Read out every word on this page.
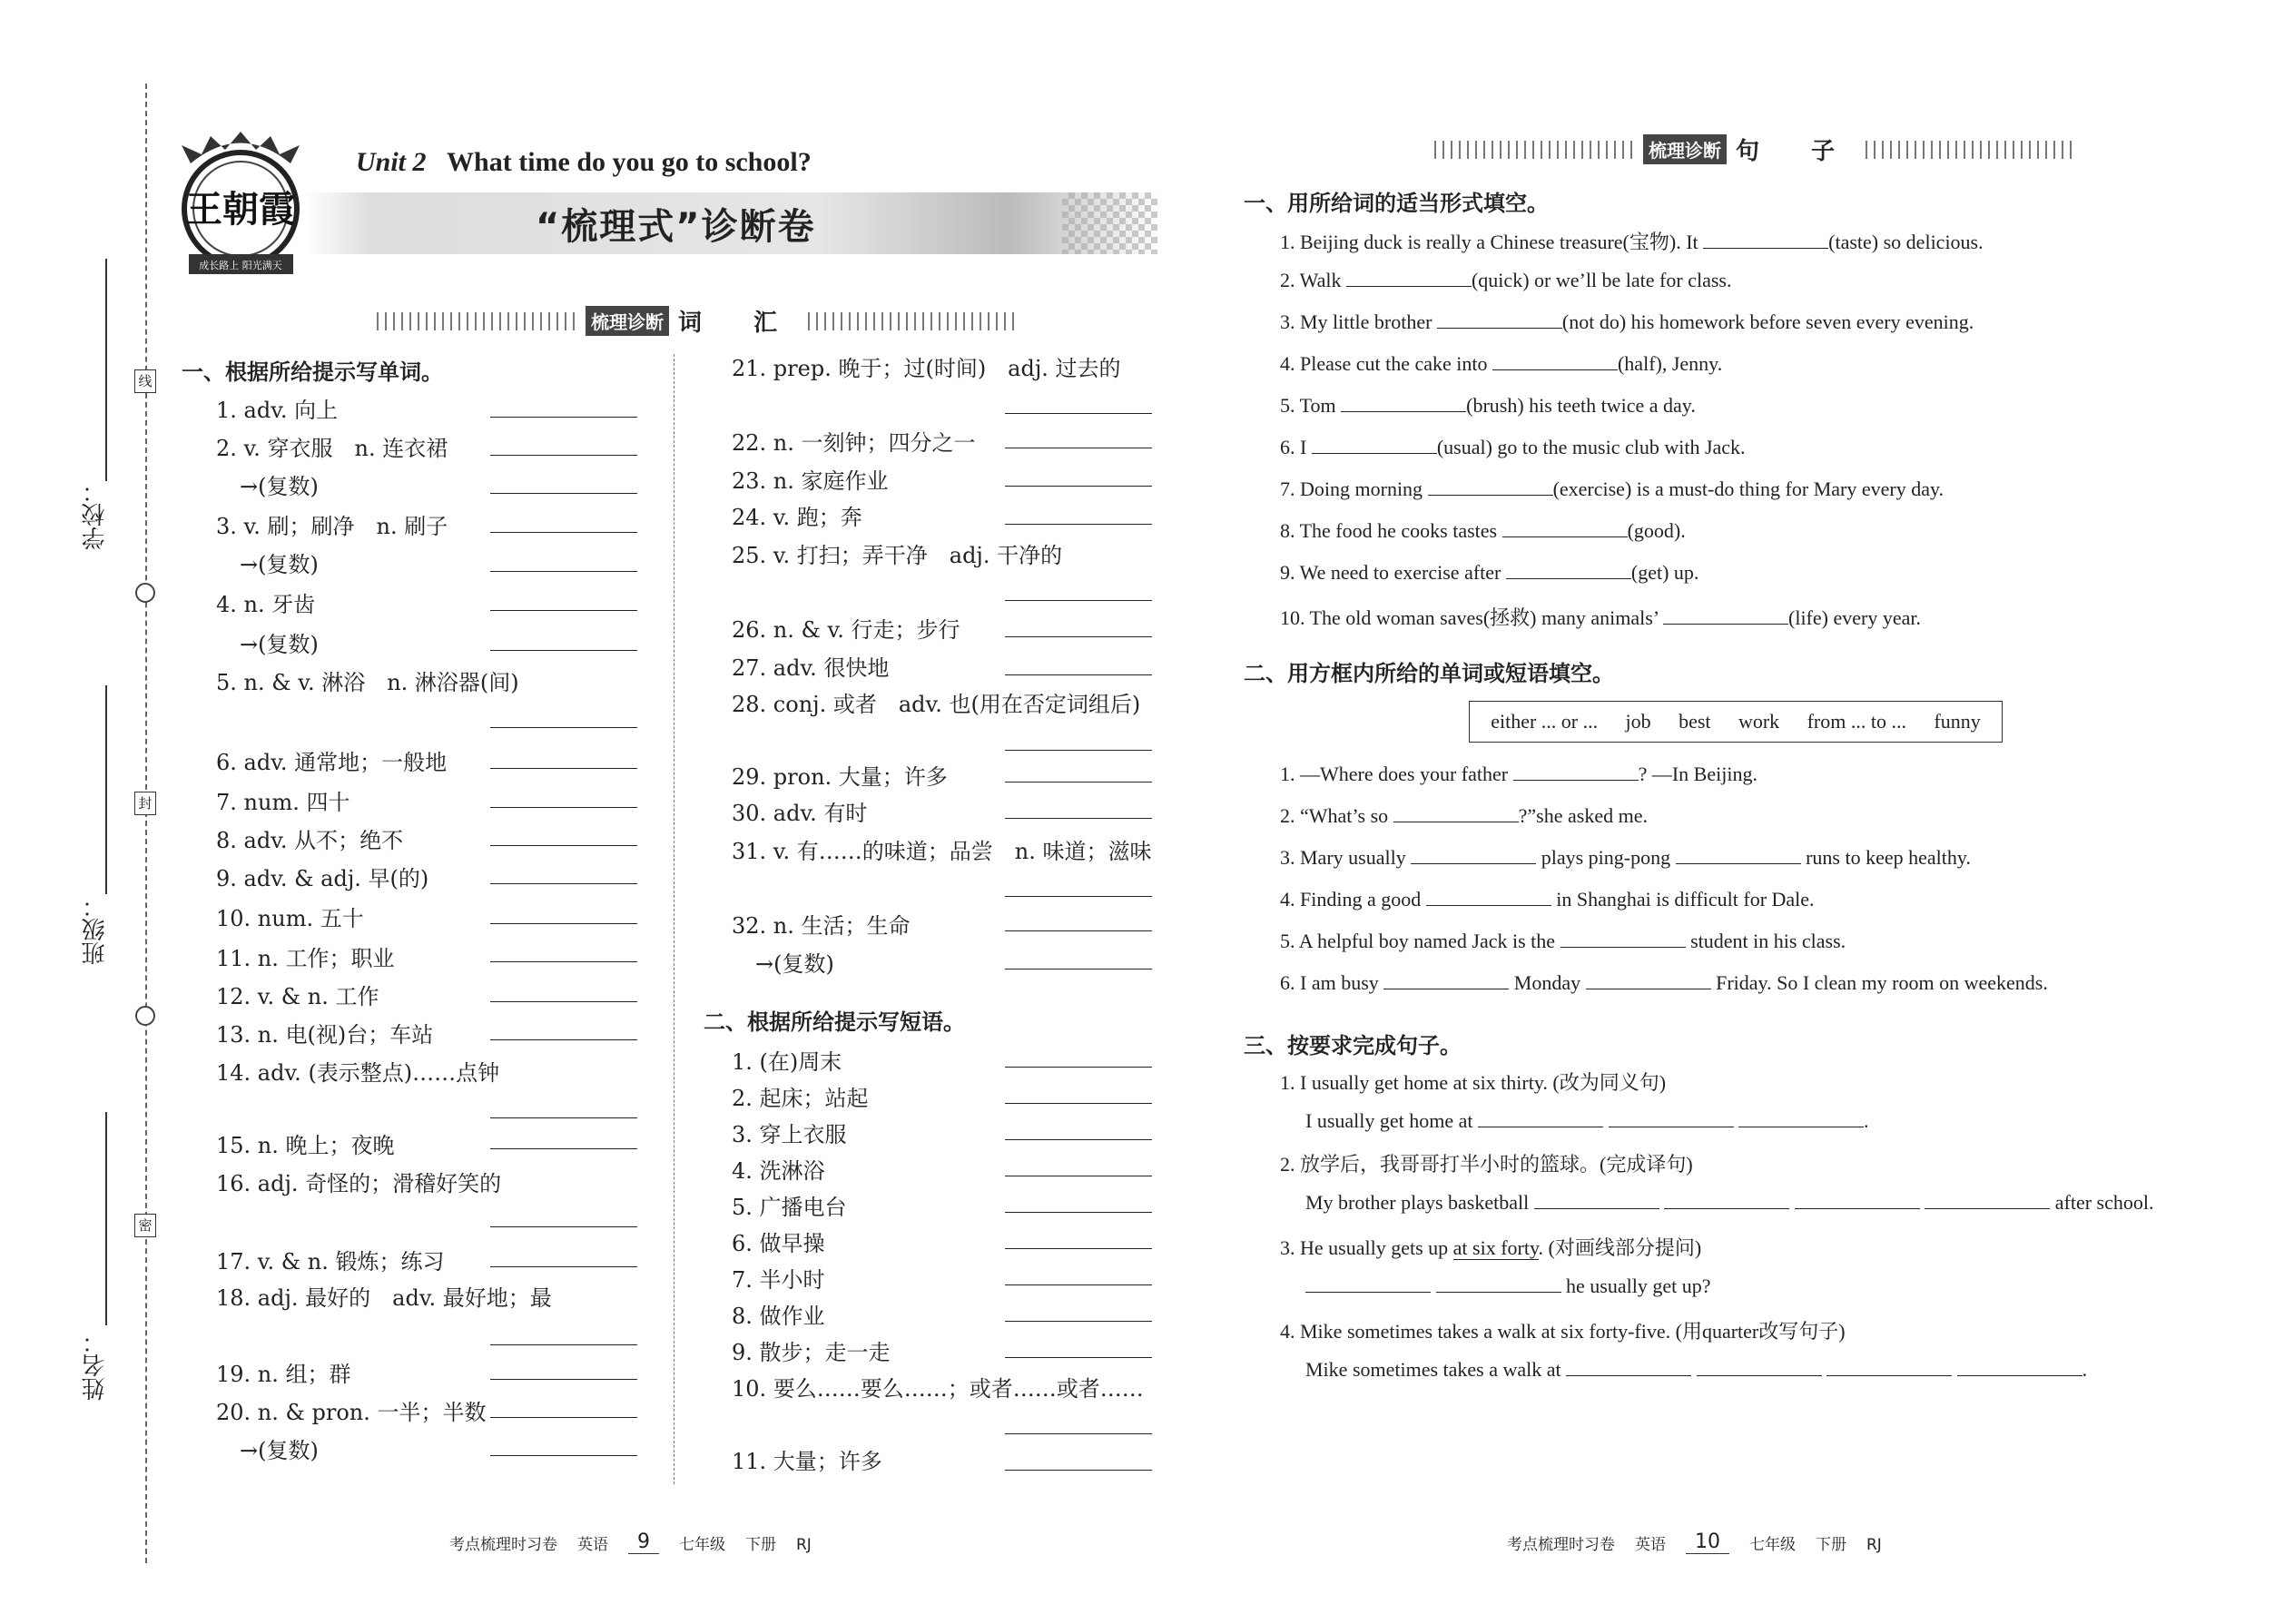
线
封
密
学校：
班级：
姓名：
王朝霞
成长路上 阳光满天
Unit 2 What time do you go to school?
“梳理式”诊断卷
梳理诊断 词 汇
一、根据所给提示写单词。
1. adv. 向上
2. v. 穿衣服　n. 连衣裙
→(复数)
3. v. 刷；刷净　n. 刷子
→(复数)
4. n. 牙齿
→(复数)
5. n. & v. 淋浴　n. 淋浴器(间)
6. adv. 通常地；一般地
7. num. 四十
8. adv. 从不；绝不
9. adv. & adj. 早(的)
10. num. 五十
11. n. 工作；职业
12. v. & n. 工作
13. n. 电(视)台；车站
14. adv. (表示整点)……点钟
15. n. 晚上；夜晚
16. adj. 奇怪的；滑稽好笑的
17. v. & n. 锻炼；练习
18. adj. 最好的　adv. 最好地；最
19. n. 组；群
20. n. & pron. 一半；半数
→(复数)
21. prep. 晚于；过(时间)　adj. 过去的
22. n. 一刻钟；四分之一
23. n. 家庭作业
24. v. 跑；奔
25. v. 打扫；弄干净　adj. 干净的
26. n. & v. 行走；步行
27. adv. 很快地
28. conj. 或者　adv. 也(用在否定词组后)
29. pron. 大量；许多
30. adv. 有时
31. v. 有……的味道；品尝　n. 味道；滋味
32. n. 生活；生命
→(复数)
二、根据所给提示写短语。
1. (在)周末
2. 起床；站起
3. 穿上衣服
4. 洗淋浴
5. 广播电台
6. 做早操
7. 半小时
8. 做作业
9. 散步；走一走
10. 要么……要么……；或者……或者……
11. 大量；许多
梳理诊断 句 子
一、用所给词的适当形式填空。
1. Beijing duck is really a Chinese treasure(宝物). It	(taste) so delicious.
2. Walk	(quick) or we’ll be late for class.
3. My little brother	(not do) his homework before seven every evening.
4. Please cut the cake into	(half), Jenny.
5. Tom	(brush) his teeth twice a day.
6. I	(usual) go to the music club with Jack.
7. Doing morning	(exercise) is a must-do thing for Mary every day.
8. The food he cooks tastes	(good).
9. We need to exercise after	(get) up.
10. The old woman saves(拯救) many animals’	(life) every year.
二、用方框内所给的单词或短语填空。
either ... or ... job best work from ... to ... funny
1. —Where does your father	? —In Beijing.
2. “What’s so	?”she asked me.
3. Mary usually	plays ping-pong	runs to keep healthy.
4. Finding a good	in Shanghai is difficult for Dale.
5. A helpful boy named Jack is the	student in his class.
6. I am busy	Monday	Friday. So I clean my room on weekends.
三、按要求完成句子。
1. I usually get home at six thirty. (改为同义句)
I usually get home at	.
2. 放学后，我哥哥打半小时的篮球。(完成译句)
My brother plays basketball	after school.
3. He usually gets up at six forty. (对画线部分提问)
he usually get up?
4. Mike sometimes takes a walk at six forty-five. (用quarter改写句子)
Mike sometimes takes a walk at	.
考点梳理时习卷 英语	9	七年级 下册 RJ	考点梳理时习卷 英语	10	七年级 下册 RJ
